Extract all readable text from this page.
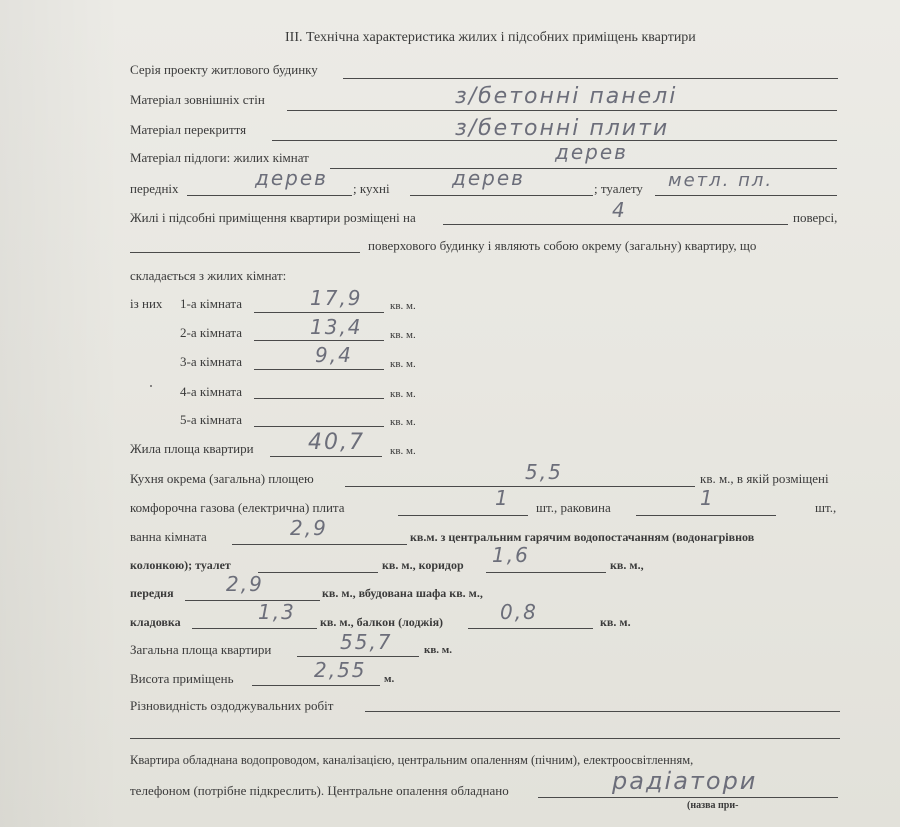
III. Технічна характеристика жилих і підсобних приміщень квартири
Серія проекту житлового будинку
Матеріал зовнішніх стін	з/бетонні панелі
Матеріал перекриття	з/бетонні плити
Матеріал підлоги: жилих кімнат	дерев
передніх	дерев ; кухні	дерев	; туалету метл. пл.
Жилі і підсобні приміщення квартири розміщені на	4	поверсі,
поверхового будинку і являють собою окрему (загальну) квартиру, що
складається з жилих кімнат:
із них 1-а кімната	17,9 кв. м.
2-а кімната	13,4 кв. м.
3-а кімната	9,4	кв. м.
4-а кімната	кв. м.
5-а кімната	кв. м.
Жила площа квартири 40,7 кв. м.
Кухня окрема (загальна) площею	5,5	кв. м., в якій розміщені
комфорочна газова (електрична) плита	1 шт., раковина	1	шт.,
ванна кімната	2,9	кв.м. з центральним гарячим водопостачанням (водонагрівнов
колонкою); туалет	кв. м., коридор 1,6	кв. м.,
передня	2,9	кв. м., вбудована шафа кв. м.,
кладовка	1,3 кв. м., балкон (лоджія)	0,8	кв. м.
Загальна площа квартири	55,7	кв. м.
Висота приміщень	2,55 м.
Різновидність оздоджувальних робіт
Квартира обладнана водопроводом, каналізацією, центральним опаленням (пічним), електроосвітленням,
телефоном (потрібне підкреслить). Центральне опалення обладнано	радіатори
(назва при-
